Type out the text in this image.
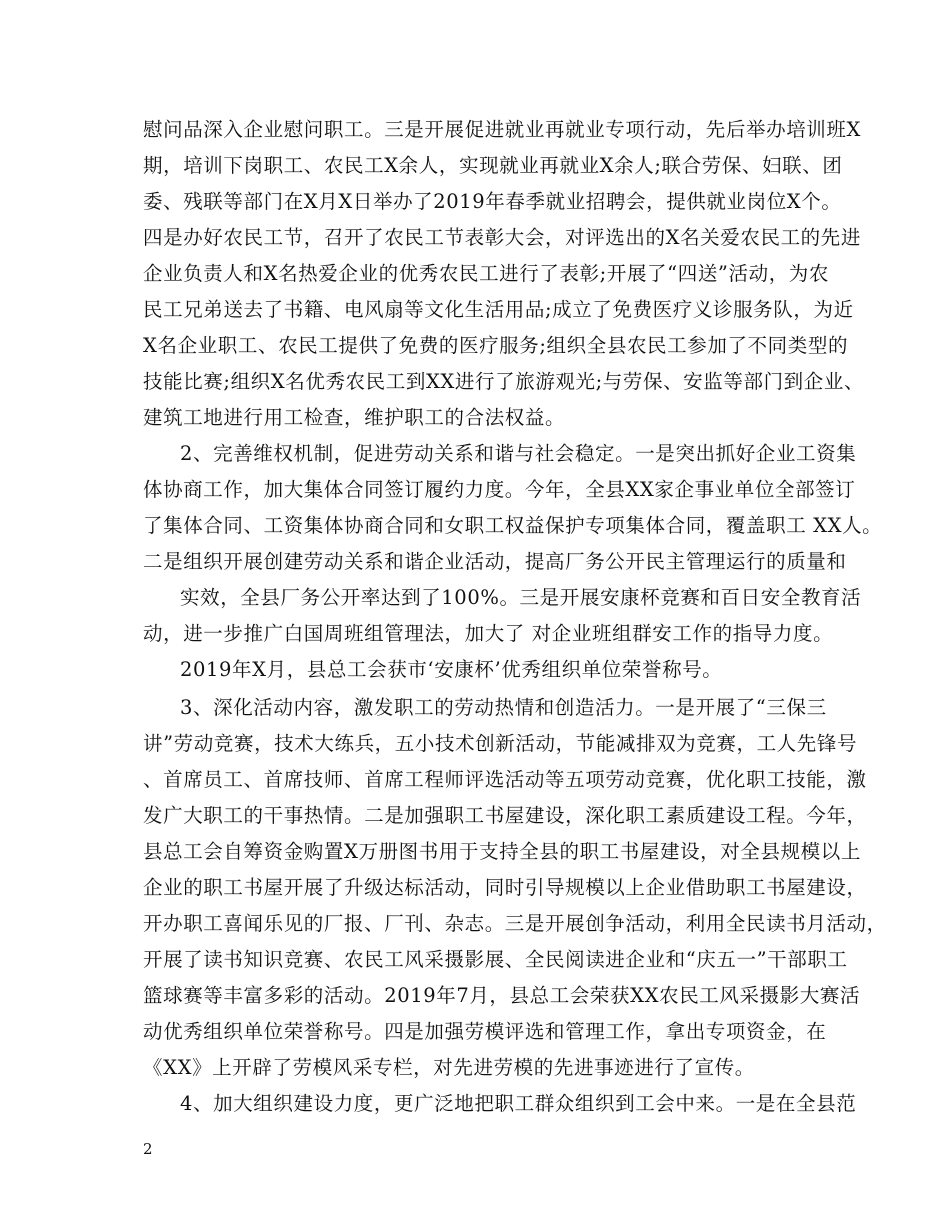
慰问品深入企业慰问职工。三是开展促进就业再就业专项行动，先后举办培训班X
期，培训下岗职工、农民工X余人，实现就业再就业X余人;联合劳保、妇联、团
委、残联等部门在X月X日举办了2019年春季就业招聘会，提供就业岗位X个。
四是办好农民工节，召开了农民工节表彰大会，对评选出的X名关爱农民工的先进
企业负责人和X名热爱企业的优秀农民工进行了表彰;开展了“四送”活动，为农
民工兄弟送去了书籍、电风扇等文化生活用品;成立了免费医疗义诊服务队，为近
X名企业职工、农民工提供了免费的医疗服务;组织全县农民工参加了不同类型的
技能比赛;组织X名优秀农民工到XX进行了旅游观光;与劳保、安监等部门到企业、
建筑工地进行用工检查，维护职工的合法权益。
2、完善维权机制，促进劳动关系和谐与社会稳定。一是突出抓好企业工资集
体协商工作，加大集体合同签订履约力度。今年，全县XX家企事业单位全部签订
了集体合同、工资集体协商合同和女职工权益保护专项集体合同，覆盖职工 XX人。
二是组织开展创建劳动关系和谐企业活动，提高厂务公开民主管理运行的质量和
实效，全县厂务公开率达到了100%。三是开展安康杯竞赛和百日安全教育活
动，进一步推广白国周班组管理法，加大了 对企业班组群安工作的指导力度。
2019年X月，县总工会获市‘安康杯’优秀组织单位荣誉称号。
3、深化活动内容，激发职工的劳动热情和创造活力。一是开展了“三保三
讲”劳动竞赛，技术大练兵，五小技术创新活动，节能减排双为竞赛，工人先锋号
、首席员工、首席技师、首席工程师评选活动等五项劳动竞赛，优化职工技能，激
发广大职工的干事热情。二是加强职工书屋建设，深化职工素质建设工程。今年，
县总工会自筹资金购置X万册图书用于支持全县的职工书屋建设，对全县规模以上
企业的职工书屋开展了升级达标活动，同时引导规模以上企业借助职工书屋建设，
开办职工喜闻乐见的厂报、厂刊、杂志。三是开展创争活动，利用全民读书月活动，
开展了读书知识竞赛、农民工风采摄影展、全民阅读进企业和“庆五一”干部职工
篮球赛等丰富多彩的活动。2019年7月，县总工会荣获XX农民工风采摄影大赛活
动优秀组织单位荣誉称号。四是加强劳模评选和管理工作，拿出专项资金，在
《XX》上开辟了劳模风采专栏，对先进劳模的先进事迹进行了宣传。
4、加大组织建设力度，更广泛地把职工群众组织到工会中来。一是在全县范
2
